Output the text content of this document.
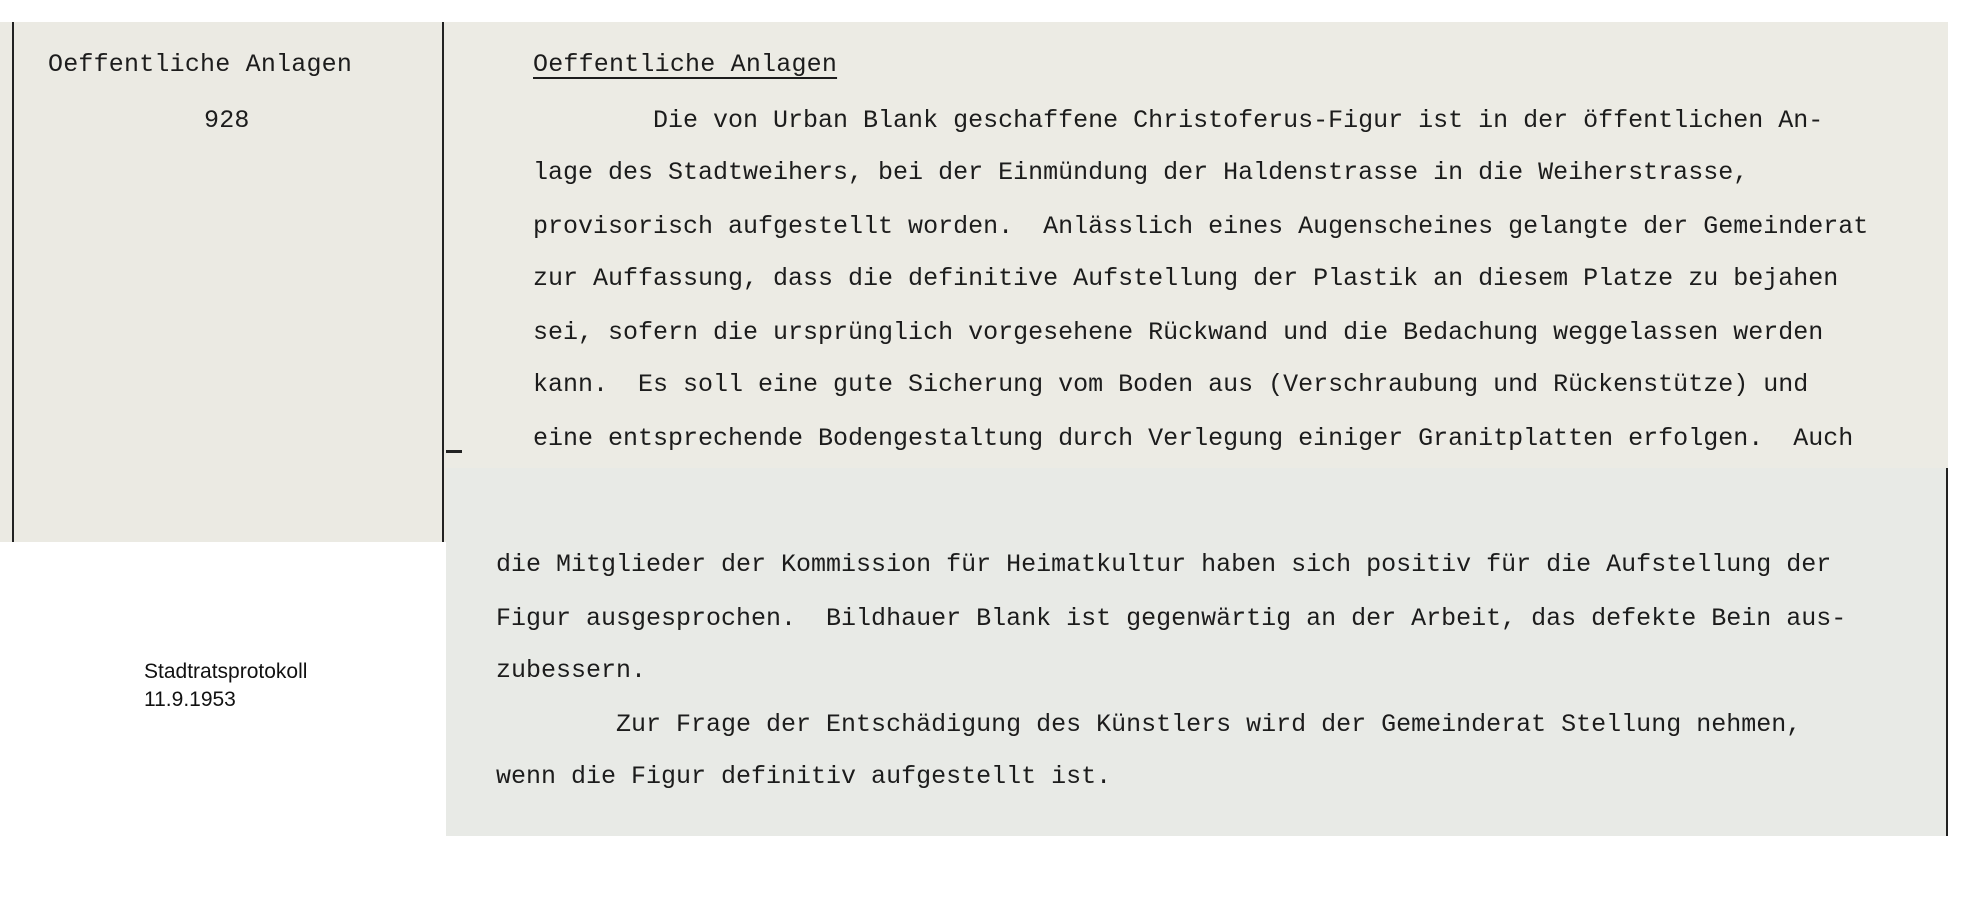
Oeffentliche Anlagen
928
Oeffentliche Anlagen
Die von Urban Blank geschaffene Christoferus-Figur ist in der öffentlichen An-
lage des Stadtweihers, bei der Einmündung der Haldenstrasse in die Weiherstrasse,
provisorisch aufgestellt worden.  Anlässlich eines Augenscheines gelangte der Gemeinderat
zur Auffassung, dass die definitive Aufstellung der Plastik an diesem Platze zu bejahen
sei, sofern die ursprünglich vorgesehene Rückwand und die Bedachung weggelassen werden
kann.  Es soll eine gute Sicherung vom Boden aus (Verschraubung und Rückenstütze) und
eine entsprechende Bodengestaltung durch Verlegung einiger Granitplatten erfolgen.  Auch
die Mitglieder der Kommission für Heimatkultur haben sich positiv für die Aufstellung der
Figur ausgesprochen.  Bildhauer Blank ist gegenwärtig an der Arbeit, das defekte Bein aus-
zubessern.
Zur Frage der Entschädigung des Künstlers wird der Gemeinderat Stellung nehmen,
wenn die Figur definitiv aufgestellt ist.
Stadtratsprotokoll
11.9.1953
